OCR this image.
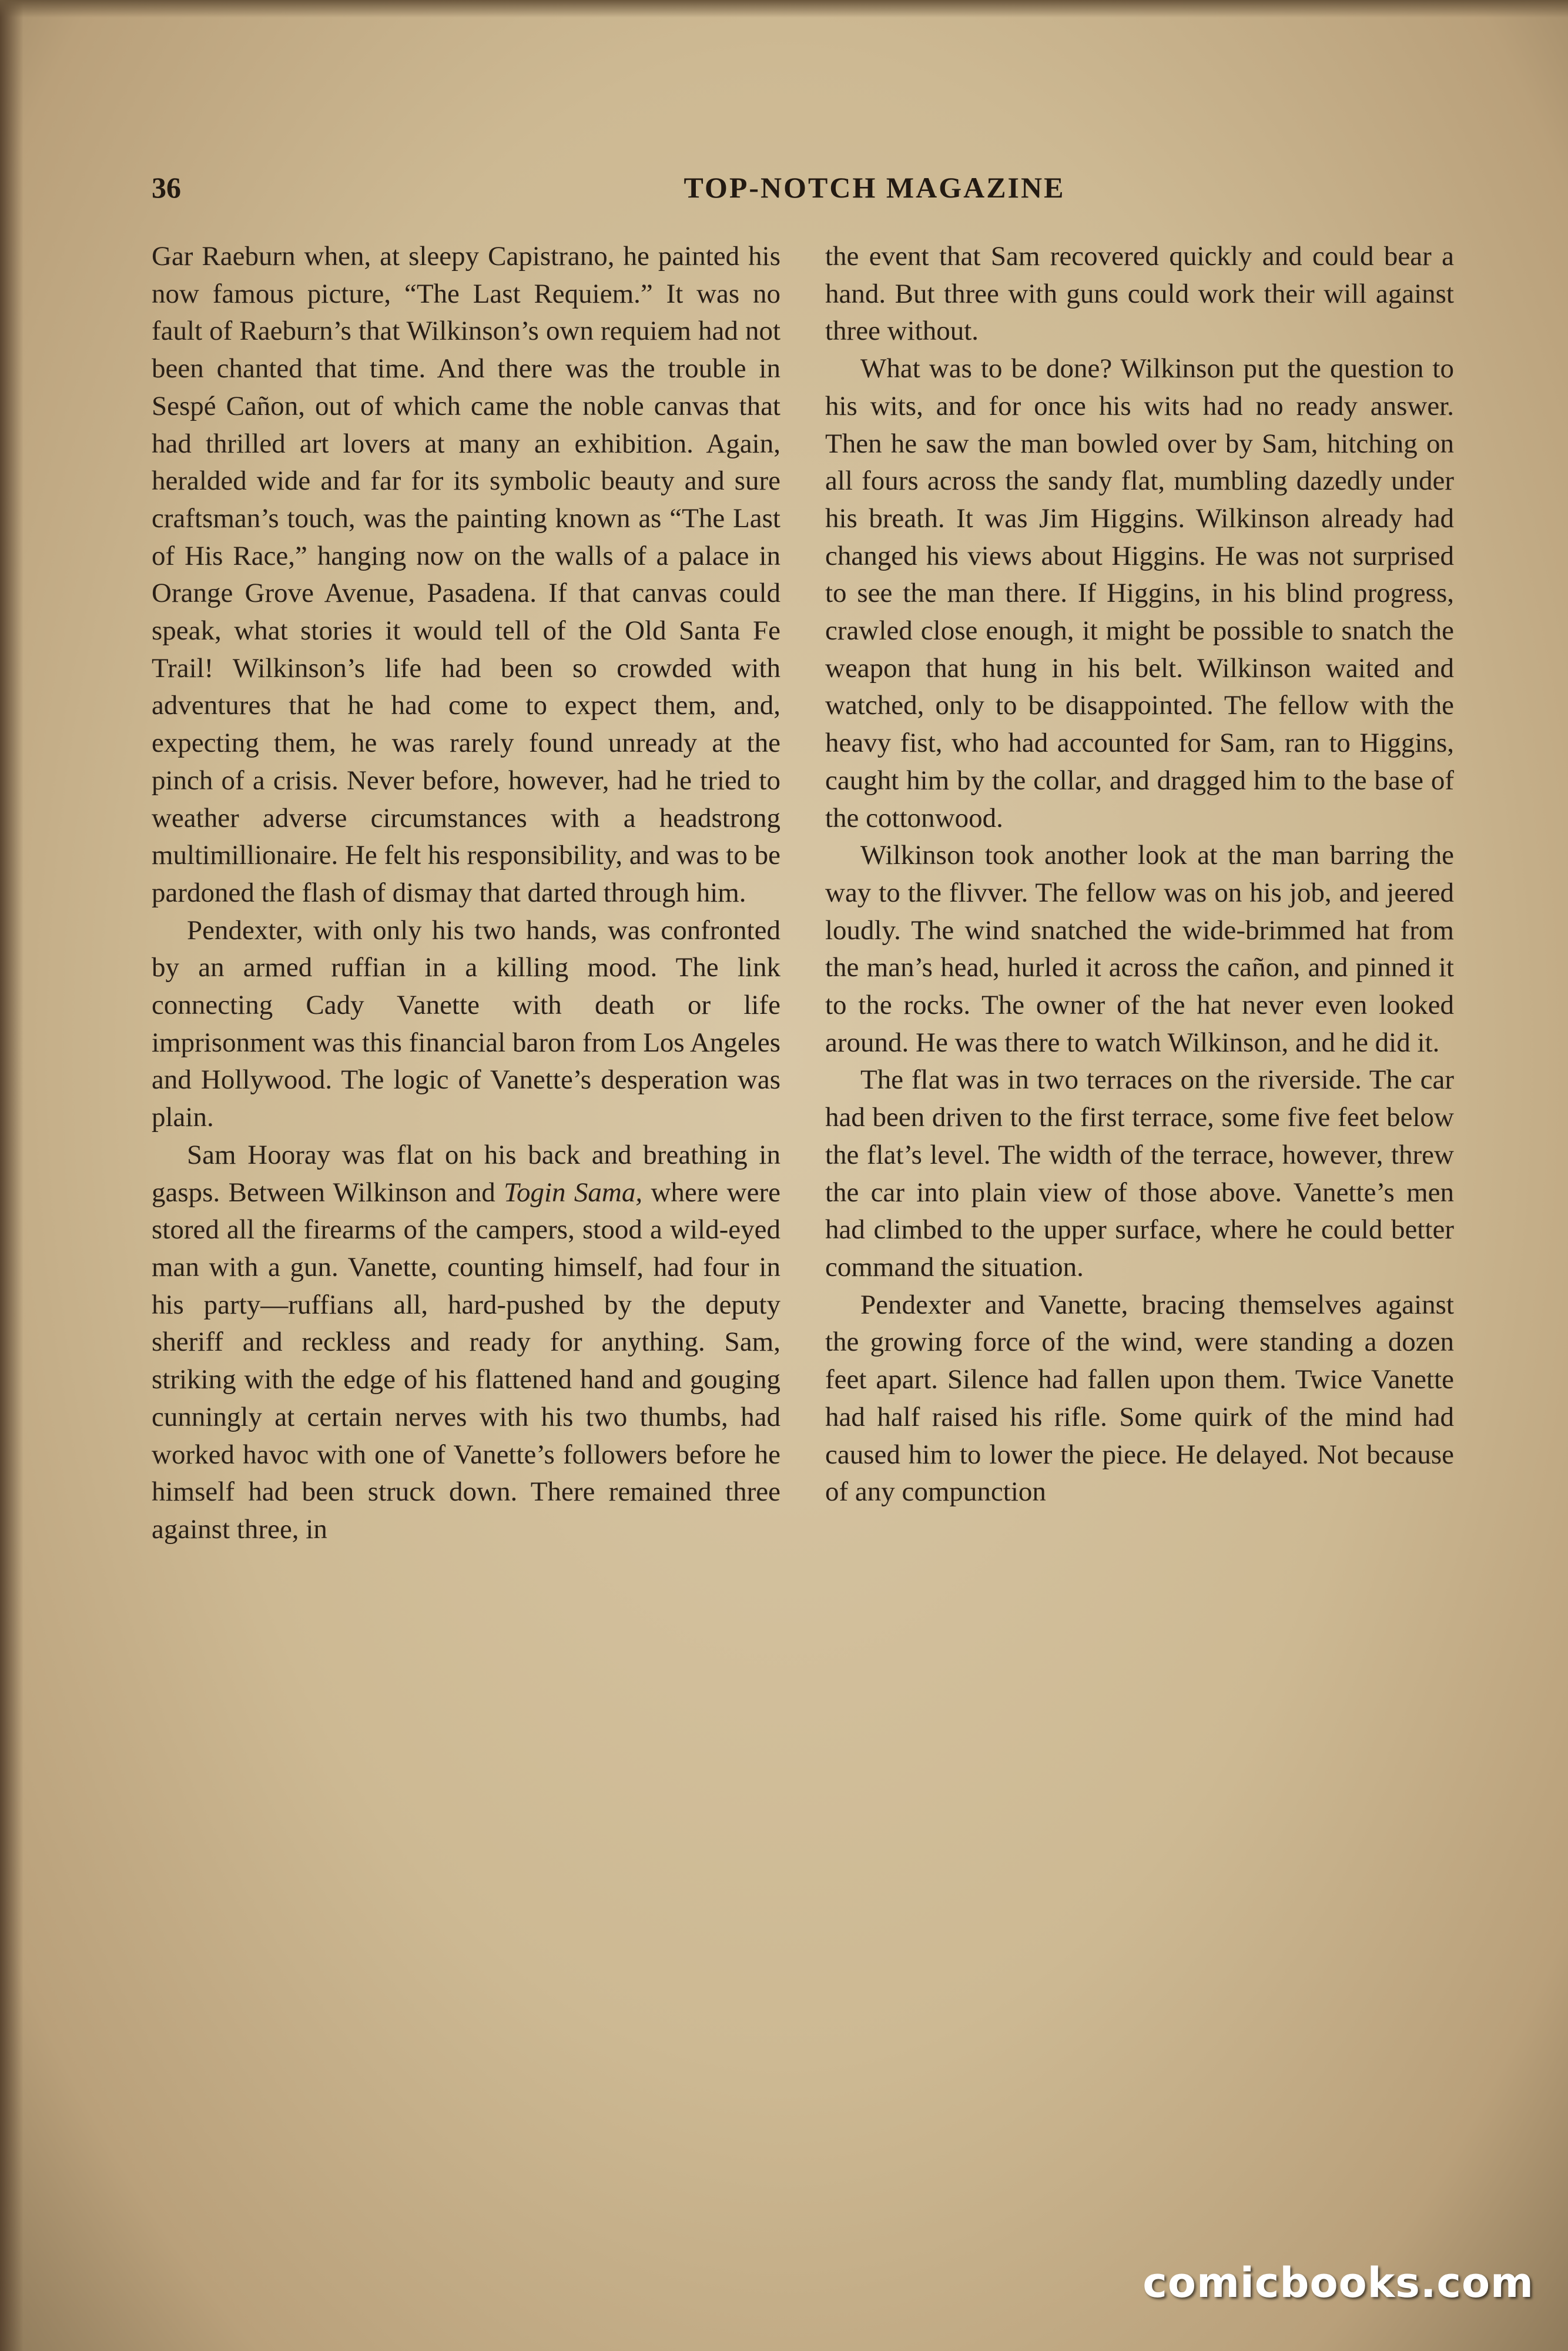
36	TOP-NOTCH MAGAZINE

Gar Raeburn when, at sleepy Capistrano, he painted his now famous picture, “The Last Requiem.” It was no fault of Raeburn’s that Wilkinson’s own requiem had not been chanted that time. And there was the trouble in Sespé Cañon, out of which came the noble canvas that had thrilled art lovers at many an exhibition. Again, heralded wide and far for its symbolic beauty and sure craftsman’s touch, was the painting known as “The Last of His Race,” hanging now on the walls of a palace in Orange Grove Avenue, Pasadena. If that canvas could speak, what stories it would tell of the Old Santa Fe Trail! Wilkinson’s life had been so crowded with adventures that he had come to expect them, and, expecting them, he was rarely found unready at the pinch of a crisis. Never before, however, had he tried to weather adverse circumstances with a headstrong multimillionaire. He felt his responsibility, and was to be pardoned the flash of dismay that darted through him.

Pendexter, with only his two hands, was confronted by an armed ruffian in a killing mood. The link connecting Cady Vanette with death or life imprisonment was this financial baron from Los Angeles and Hollywood. The logic of Vanette’s desperation was plain.

Sam Hooray was flat on his back and breathing in gasps. Between Wilkinson and Togin Sama, where were stored all the firearms of the campers, stood a wild-eyed man with a gun. Vanette, counting himself, had four in his party—ruffians all, hard-pushed by the deputy sheriff and reckless and ready for anything. Sam, striking with the edge of his flattened hand and gouging cunningly at certain nerves with his two thumbs, had worked havoc with one of Vanette’s followers before he himself had been struck down. There remained three against three, in

the event that Sam recovered quickly and could bear a hand. But three with guns could work their will against three without.

What was to be done? Wilkinson put the question to his wits, and for once his wits had no ready answer. Then he saw the man bowled over by Sam, hitching on all fours across the sandy flat, mumbling dazedly under his breath. It was Jim Higgins. Wilkinson already had changed his views about Higgins. He was not surprised to see the man there. If Higgins, in his blind progress, crawled close enough, it might be possible to snatch the weapon that hung in his belt. Wilkinson waited and watched, only to be disappointed. The fellow with the heavy fist, who had accounted for Sam, ran to Higgins, caught him by the collar, and dragged him to the base of the cottonwood.

Wilkinson took another look at the man barring the way to the flivver. The fellow was on his job, and jeered loudly. The wind snatched the wide-brimmed hat from the man’s head, hurled it across the cañon, and pinned it to the rocks. The owner of the hat never even looked around. He was there to watch Wilkinson, and he did it.

The flat was in two terraces on the riverside. The car had been driven to the first terrace, some five feet below the flat’s level. The width of the terrace, however, threw the car into plain view of those above. Vanette’s men had climbed to the upper surface, where he could better command the situation.

Pendexter and Vanette, bracing themselves against the growing force of the wind, were standing a dozen feet apart. Silence had fallen upon them. Twice Vanette had half raised his rifle. Some quirk of the mind had caused him to lower the piece. He delayed. Not because of any compunction

comicbooks.com
